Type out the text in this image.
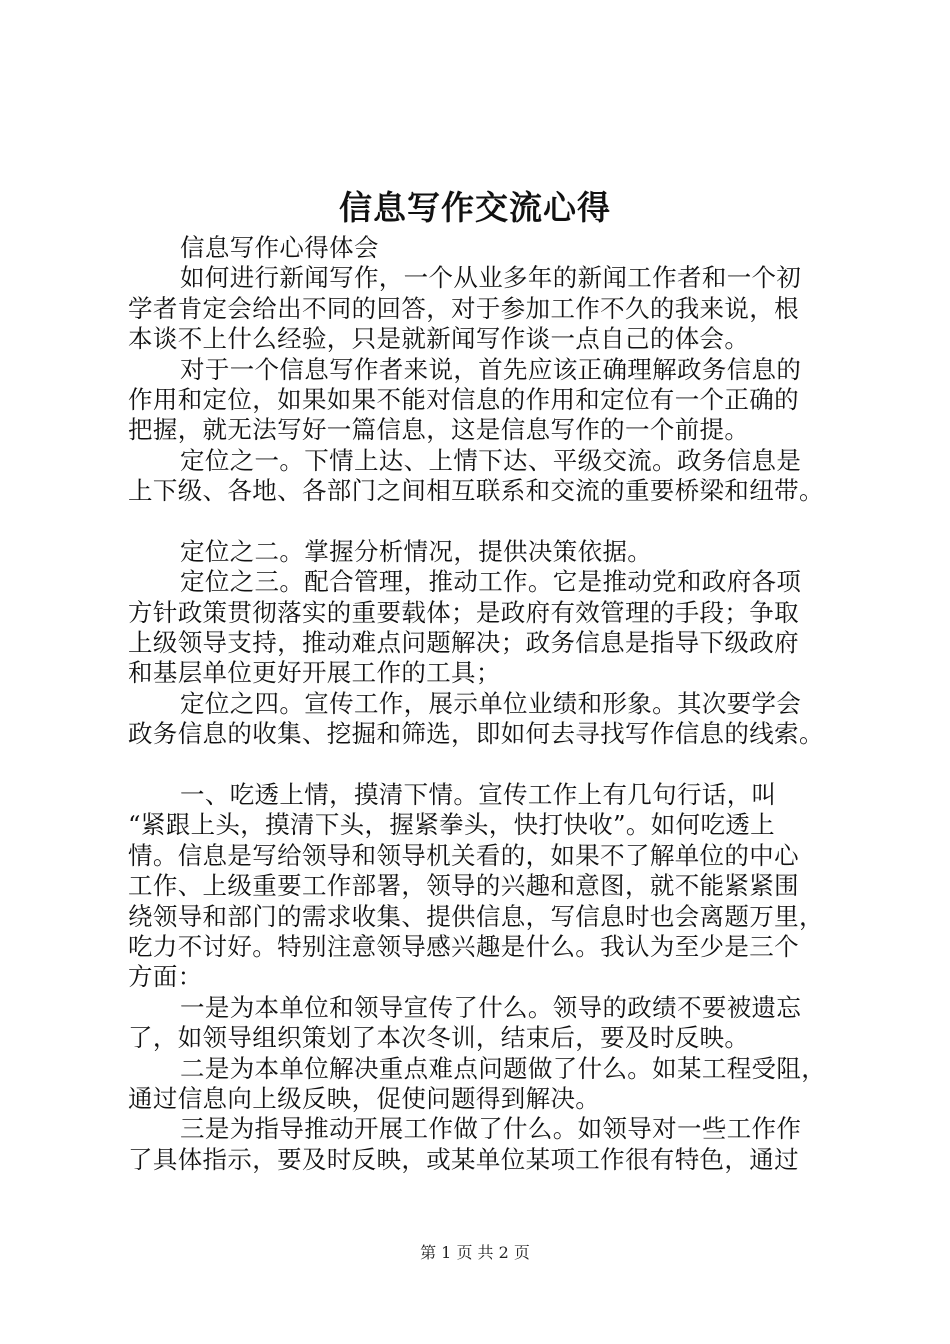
信息写作交流心得
信息写作心得体会
如何进行新闻写作，一个从业多年的新闻工作者和一个初
学者肯定会给出不同的回答，对于参加工作不久的我来说，根
本谈不上什么经验，只是就新闻写作谈一点自己的体会。
对于一个信息写作者来说，首先应该正确理解政务信息的
作用和定位，如果如果不能对信息的作用和定位有一个正确的
把握，就无法写好一篇信息，这是信息写作的一个前提。
定位之一。下情上达、上情下达、平级交流。政务信息是
上下级、各地、各部门之间相互联系和交流的重要桥梁和纽带。
定位之二。掌握分析情况，提供决策依据。
定位之三。配合管理，推动工作。它是推动党和政府各项
方针政策贯彻落实的重要载体；是政府有效管理的手段；争取
上级领导支持，推动难点问题解决；政务信息是指导下级政府
和基层单位更好开展工作的工具；
定位之四。宣传工作，展示单位业绩和形象。其次要学会
政务信息的收集、挖掘和筛选，即如何去寻找写作信息的线索。
一、吃透上情，摸清下情。宣传工作上有几句行话，叫
“紧跟上头，摸清下头，握紧拳头，快打快收”。如何吃透上
情。信息是写给领导和领导机关看的，如果不了解单位的中心
工作、上级重要工作部署，领导的兴趣和意图，就不能紧紧围
绕领导和部门的需求收集、提供信息，写信息时也会离题万里，
吃力不讨好。特别注意领导感兴趣是什么。我认为至少是三个
方面：
一是为本单位和领导宣传了什么。领导的政绩不要被遗忘
了，如领导组织策划了本次冬训，结束后，要及时反映。
二是为本单位解决重点难点问题做了什么。如某工程受阻，
通过信息向上级反映，促使问题得到解决。
三是为指导推动开展工作做了什么。如领导对一些工作作
了具体指示，要及时反映，或某单位某项工作很有特色，通过
第 1 页 共 2 页
